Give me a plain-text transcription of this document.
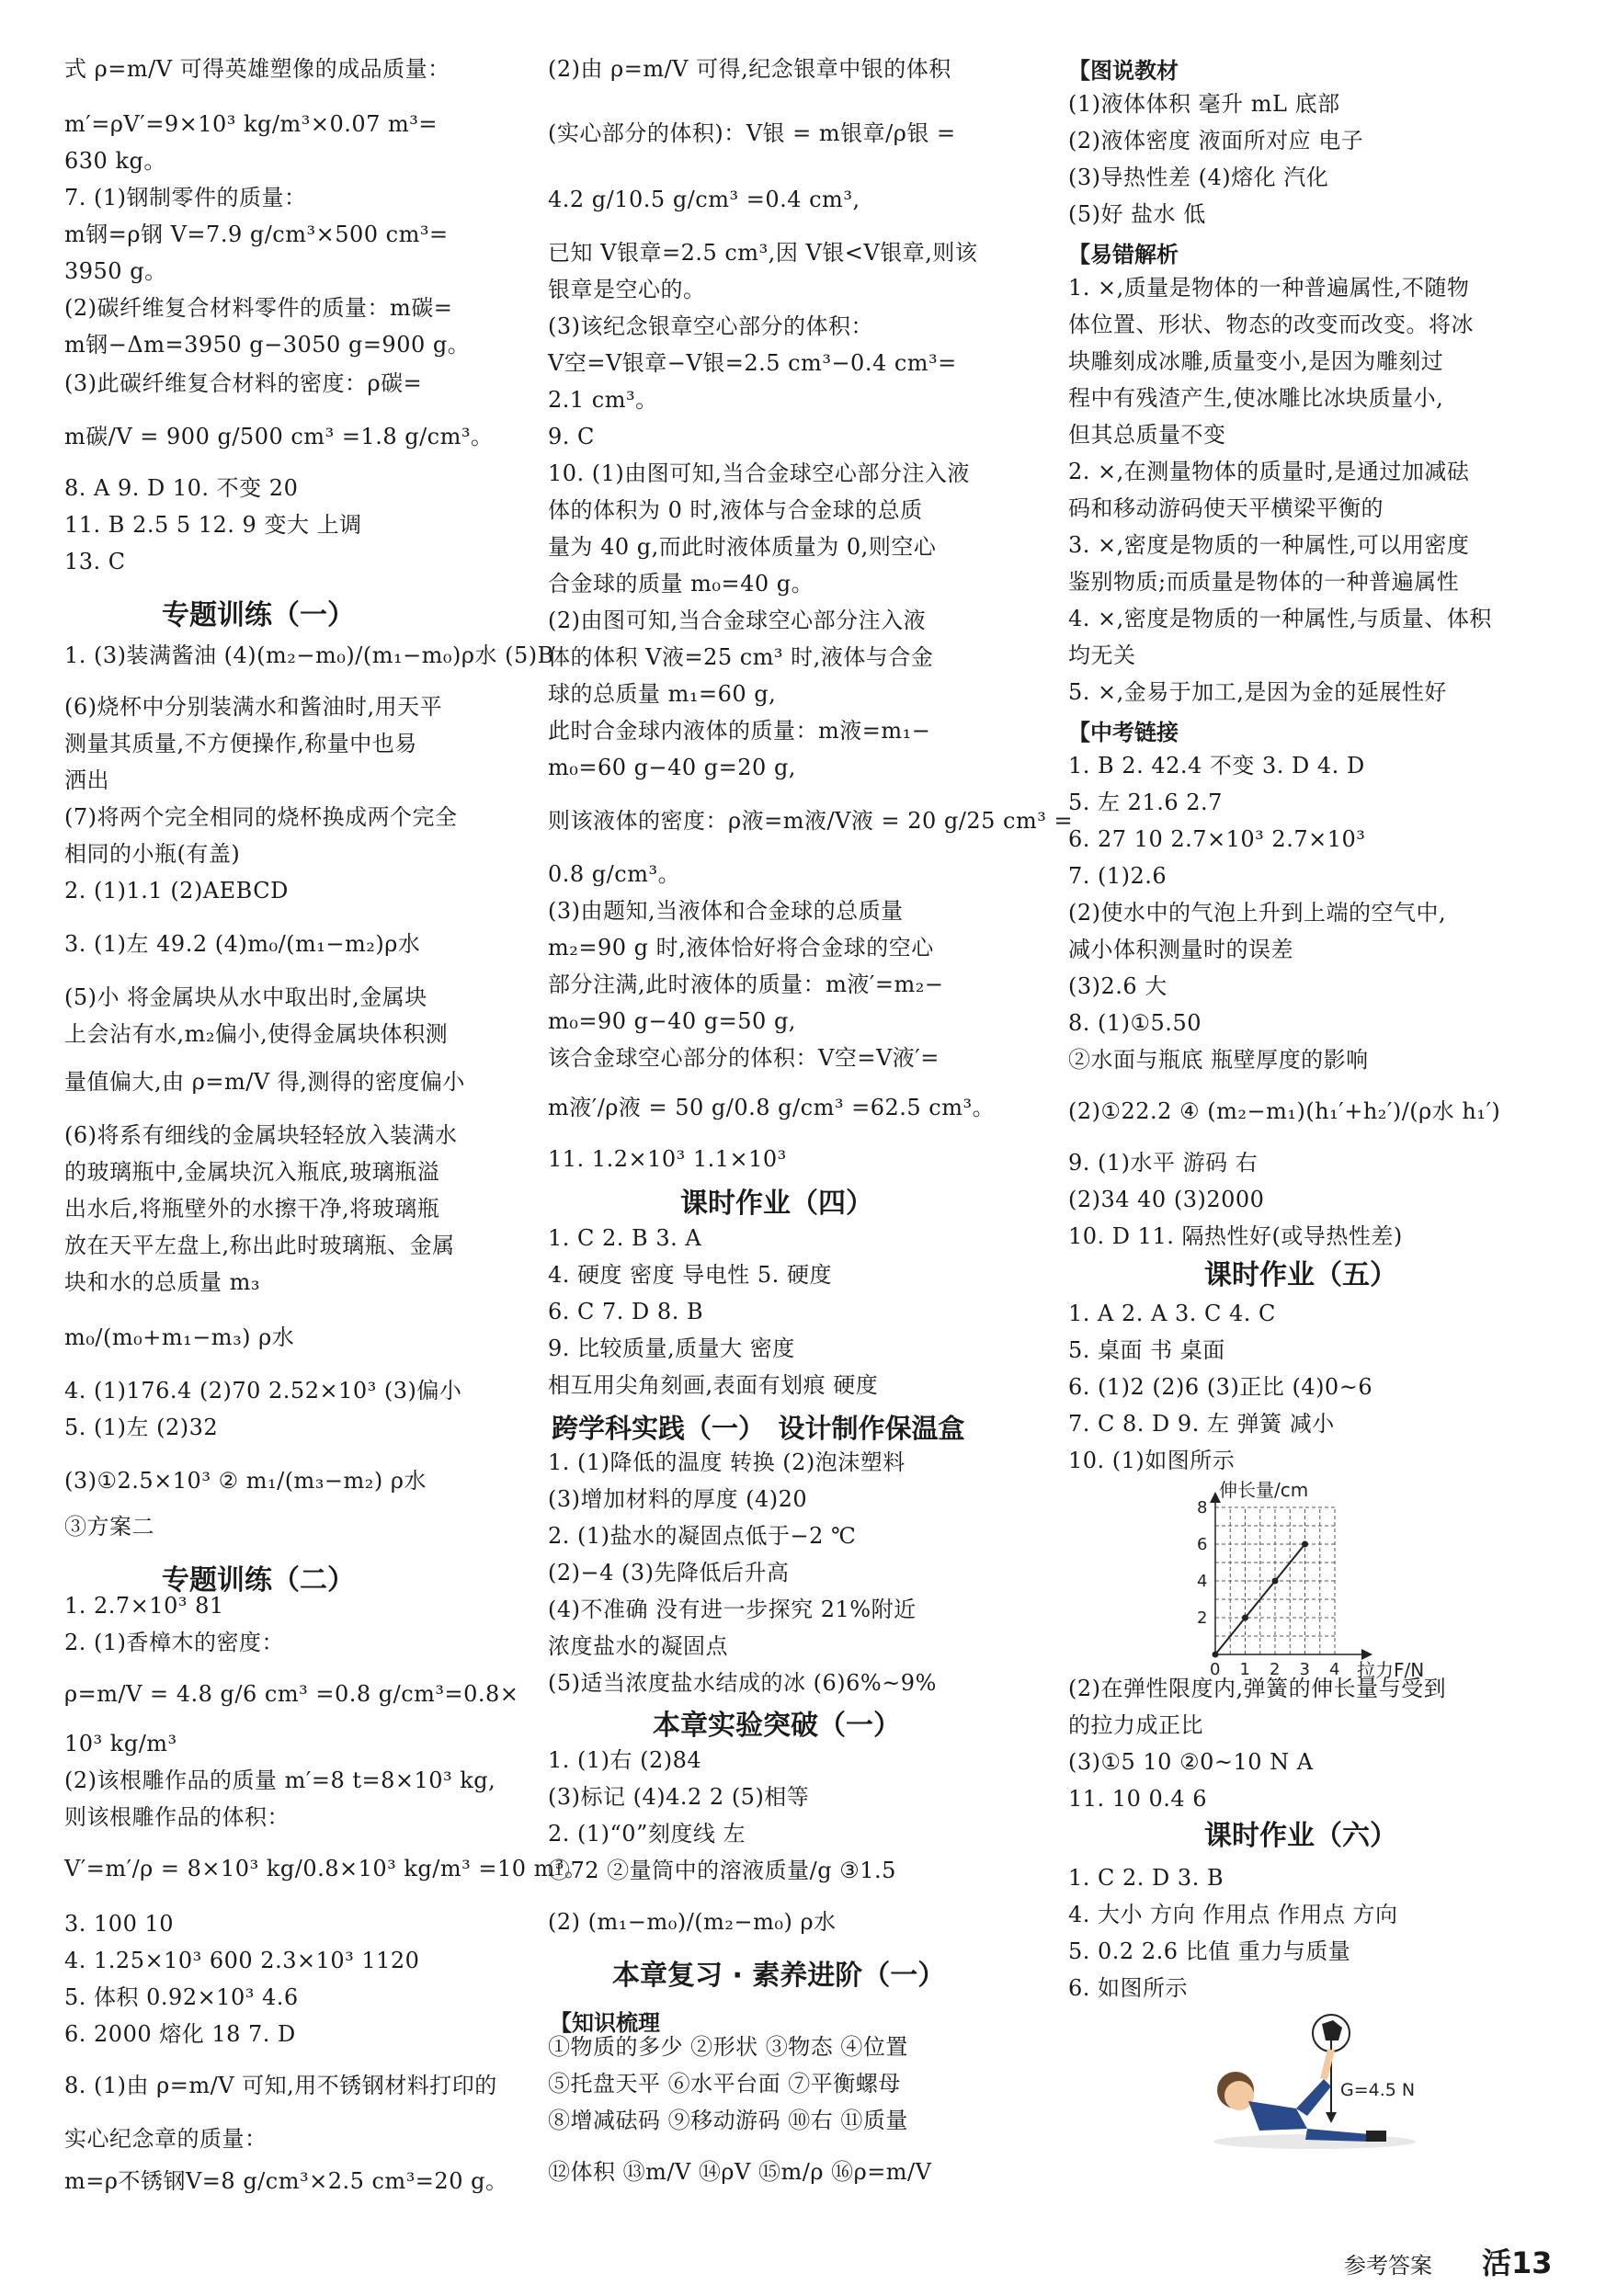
式 ρ=m/V 可得英雄塑像的成品质量：
m′=ρV′=9×10³ kg/m³×0.07 m³=
630 kg。
7. (1)钢制零件的质量：
m钢=ρ钢 V=7.9 g/cm³×500 cm³=
3950 g。
(2)碳纤维复合材料零件的质量：m碳=
m钢−Δm=3950 g−3050 g=900 g。
(3)此碳纤维复合材料的密度：ρ碳=
m碳/V = 900 g/500 cm³ =1.8 g/cm³。
8. A 9. D 10. 不变 20
11. B 2.5 5 12. 9 变大 上调
13. C
1. (3)装满酱油 (4)(m₂−m₀)/(m₁−m₀)ρ水 (5)B
(6)烧杯中分别装满水和酱油时,用天平
测量其质量,不方便操作,称量中也易
洒出
(7)将两个完全相同的烧杯换成两个完全
相同的小瓶(有盖)
2. (1)1.1 (2)AEBCD
3. (1)左 49.2 (4)m₀/(m₁−m₂)ρ水
(5)小 将金属块从水中取出时,金属块
上会沾有水,m₂偏小,使得金属块体积测
量值偏大,由 ρ=m/V 得,测得的密度偏小
(6)将系有细线的金属块轻轻放入装满水
的玻璃瓶中,金属块沉入瓶底,玻璃瓶溢
出水后,将瓶壁外的水擦干净,将玻璃瓶
放在天平左盘上,称出此时玻璃瓶、金属
块和水的总质量 m₃
m₀/(m₀+m₁−m₃) ρ水
4. (1)176.4 (2)70 2.52×10³ (3)偏小
5. (1)左 (2)32
(3)①2.5×10³ ② m₁/(m₃−m₂) ρ水
③方案二
1. 2.7×10³ 81
2. (1)香樟木的密度：
ρ=m/V = 4.8 g/6 cm³ =0.8 g/cm³=0.8×
10³ kg/m³
(2)该根雕作品的质量 m′=8 t=8×10³ kg,
则该根雕作品的体积：
V′=m′/ρ = 8×10³ kg/0.8×10³ kg/m³ =10 m³。
3. 100 10
4. 1.25×10³ 600 2.3×10³ 1120
5. 体积 0.92×10³ 4.6
6. 2000 熔化 18 7. D
8. (1)由 ρ=m/V 可知,用不锈钢材料打印的
实心纪念章的质量：
m=ρ不锈钢V=8 g/cm³×2.5 cm³=20 g。
(2)由 ρ=m/V 可得,纪念银章中银的体积
(实心部分的体积)：V银 = m银章/ρ银 =
4.2 g/10.5 g/cm³ =0.4 cm³,
已知 V银章=2.5 cm³,因 V银<V银章,则该
银章是空心的。
(3)该纪念银章空心部分的体积：
V空=V银章−V银=2.5 cm³−0.4 cm³=
2.1 cm³。
9. C
10. (1)由图可知,当合金球空心部分注入液
体的体积为 0 时,液体与合金球的总质
量为 40 g,而此时液体质量为 0,则空心
合金球的质量 m₀=40 g。
(2)由图可知,当合金球空心部分注入液
体的体积 V液=25 cm³ 时,液体与合金
球的总质量 m₁=60 g,
此时合金球内液体的质量：m液=m₁−
m₀=60 g−40 g=20 g,
则该液体的密度：ρ液=m液/V液 = 20 g/25 cm³ =
0.8 g/cm³。
(3)由题知,当液体和合金球的总质量
m₂=90 g 时,液体恰好将合金球的空心
部分注满,此时液体的质量：m液′=m₂−
m₀=90 g−40 g=50 g,
该合金球空心部分的体积：V空=V液′=
m液′/ρ液 = 50 g/0.8 g/cm³ =62.5 cm³。
11. 1.2×10³ 1.1×10³
1. C 2. B 3. A
4. 硬度 密度 导电性 5. 硬度
6. C 7. D 8. B
9. 比较质量,质量大 密度
相互用尖角刻画,表面有划痕 硬度
1. (1)降低的温度 转换 (2)泡沫塑料
(3)增加材料的厚度 (4)20
2. (1)盐水的凝固点低于−2 ℃
(2)−4 (3)先降低后升高
(4)不准确 没有进一步探究 21%附近
浓度盐水的凝固点
(5)适当浓度盐水结成的冰 (6)6%~9%
1. (1)右 (2)84
(3)标记 (4)4.2 2 (5)相等
2. (1)“0”刻度线 左
①72 ②量筒中的溶液质量/g ③1.5
(2) (m₁−m₀)/(m₂−m₀) ρ水
①物质的多少 ②形状 ③物态 ④位置
⑤托盘天平 ⑥水平台面 ⑦平衡螺母
⑧增减砝码 ⑨移动游码 ⑩右 ⑪质量
⑫体积 ⑬m/V ⑭ρV ⑮m/ρ ⑯ρ=m/V
(1)液体体积 毫升 mL 底部
(2)液体密度 液面所对应 电子
(3)导热性差 (4)熔化 汽化
(5)好 盐水 低
1. ×,质量是物体的一种普遍属性,不随物
体位置、形状、物态的改变而改变。将冰
块雕刻成冰雕,质量变小,是因为雕刻过
程中有残渣产生,使冰雕比冰块质量小,
但其总质量不变
2. ×,在测量物体的质量时,是通过加减砝
码和移动游码使天平横梁平衡的
3. ×,密度是物质的一种属性,可以用密度
鉴别物质;而质量是物体的一种普遍属性
4. ×,密度是物质的一种属性,与质量、体积
均无关
5. ×,金易于加工,是因为金的延展性好
1. B 2. 42.4 不变 3. D 4. D
5. 左 21.6 2.7
6. 27 10 2.7×10³ 2.7×10³
7. (1)2.6
(2)使水中的气泡上升到上端的空气中,
减小体积测量时的误差
(3)2.6 大
8. (1)①5.50
②水面与瓶底 瓶壁厚度的影响
(2)①22.2 ④ (m₂−m₁)(h₁′+h₂′)/(ρ水 h₁′)
9. (1)水平 游码 右
(2)34 40 (3)2000
10. D 11. 隔热性好(或导热性差)
1. A 2. A 3. C 4. C
5. 桌面 书 桌面
6. (1)2 (2)6 (3)正比 (4)0~6
7. C 8. D 9. 左 弹簧 减小
10. (1)如图所示
(2)在弹性限度内,弹簧的伸长量与受到
的拉力成正比
(3)①5 10 ②0~10 N A
11. 10 0.4 6
1. C 2. D 3. B
4. 大小 方向 作用点 作用点 方向
5. 0.2 2.6 比值 重力与质量
6. 如图所示
专题训练（一）
专题训练（二）
课时作业（四）
跨学科实践（一）　设计制作保温盒
本章实验突破（一）
本章复习 · 素养进阶（一）
课时作业（五）
课时作业（六）
【知识梳理
【图说教材
【易错解析
【中考链接
0 1 2 3 4
2
4
6
8
伸长量/cm
拉力F/N
G=4.5 N
参考答案 活13
